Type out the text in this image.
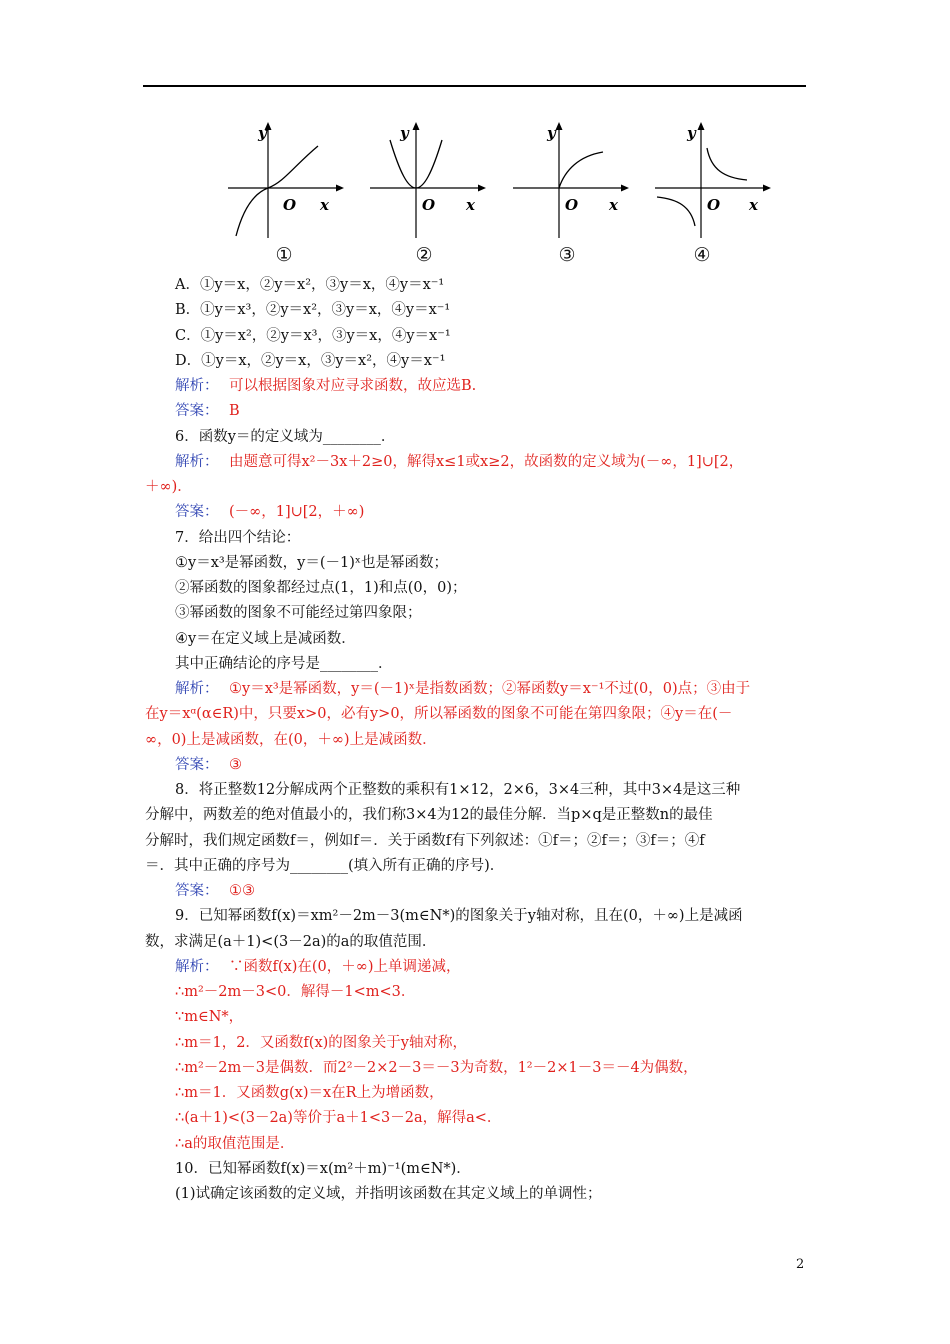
y
O x
y
O x
y
O x
y
O x
①	②	③	④
A．①y＝x，②y＝x²，③y＝x，④y＝x⁻¹
B．①y＝x³，②y＝x²，③y＝x，④y＝x⁻¹
C．①y＝x²，②y＝x³，③y＝x，④y＝x⁻¹
D．①y＝x，②y＝x，③y＝x²，④y＝x⁻¹
解析： 可以根据图象对应寻求函数，故应选B.
答案： B
6．函数y＝的定义域为________．
解析： 由题意可得x²－3x＋2≥0，解得x≤1或x≥2，故函数的定义域为(－∞，1]∪[2，
＋∞)．
答案： (－∞，1]∪[2，＋∞)
7．给出四个结论：
①y＝x³是幂函数，y＝(－1)ˣ也是幂函数；
②幂函数的图象都经过点(1，1)和点(0，0)；
③幂函数的图象不可能经过第四象限；
④y＝在定义域上是减函数．
其中正确结论的序号是________．
解析： ①y＝x³是幂函数，y＝(－1)ˣ是指数函数；②幂函数y＝x⁻¹不过(0，0)点；③由于
在y＝xᵅ(α∈R)中，只要x>0，必有y>0，所以幂函数的图象不可能在第四象限；④y＝在(－
∞，0)上是减函数，在(0，＋∞)上是减函数．
答案： ③
8．将正整数12分解成两个正整数的乘积有1×12，2×6，3×4三种，其中3×4是这三种
分解中，两数差的绝对值最小的，我们称3×4为12的最佳分解．当p×q是正整数n的最佳
分解时，我们规定函数f＝，例如f＝．关于函数f有下列叙述：①f＝；②f＝；③f＝；④f
＝．其中正确的序号为________(填入所有正确的序号)．
答案： ①③
9．已知幂函数f(x)＝xm²－2m－3(m∈N*)的图象关于y轴对称，且在(0，＋∞)上是减函
数，求满足(a＋1)<(3－2a)的a的取值范围．
解析： ∵函数f(x)在(0，＋∞)上单调递减，
∴m²－2m－3<0．解得－1<m<3．
∵m∈N*，
∴m＝1，2．又函数f(x)的图象关于y轴对称，
∴m²－2m－3是偶数．而2²－2×2－3＝－3为奇数，1²－2×1－3＝－4为偶数，
∴m＝1．又函数g(x)＝x在R上为增函数，
∴(a＋1)<(3－2a)等价于a＋1<3－2a，解得a<．
∴a的取值范围是．
10．已知幂函数f(x)＝x(m²＋m)⁻¹(m∈N*)．
(1)试确定该函数的定义域，并指明该函数在其定义域上的单调性；
2
